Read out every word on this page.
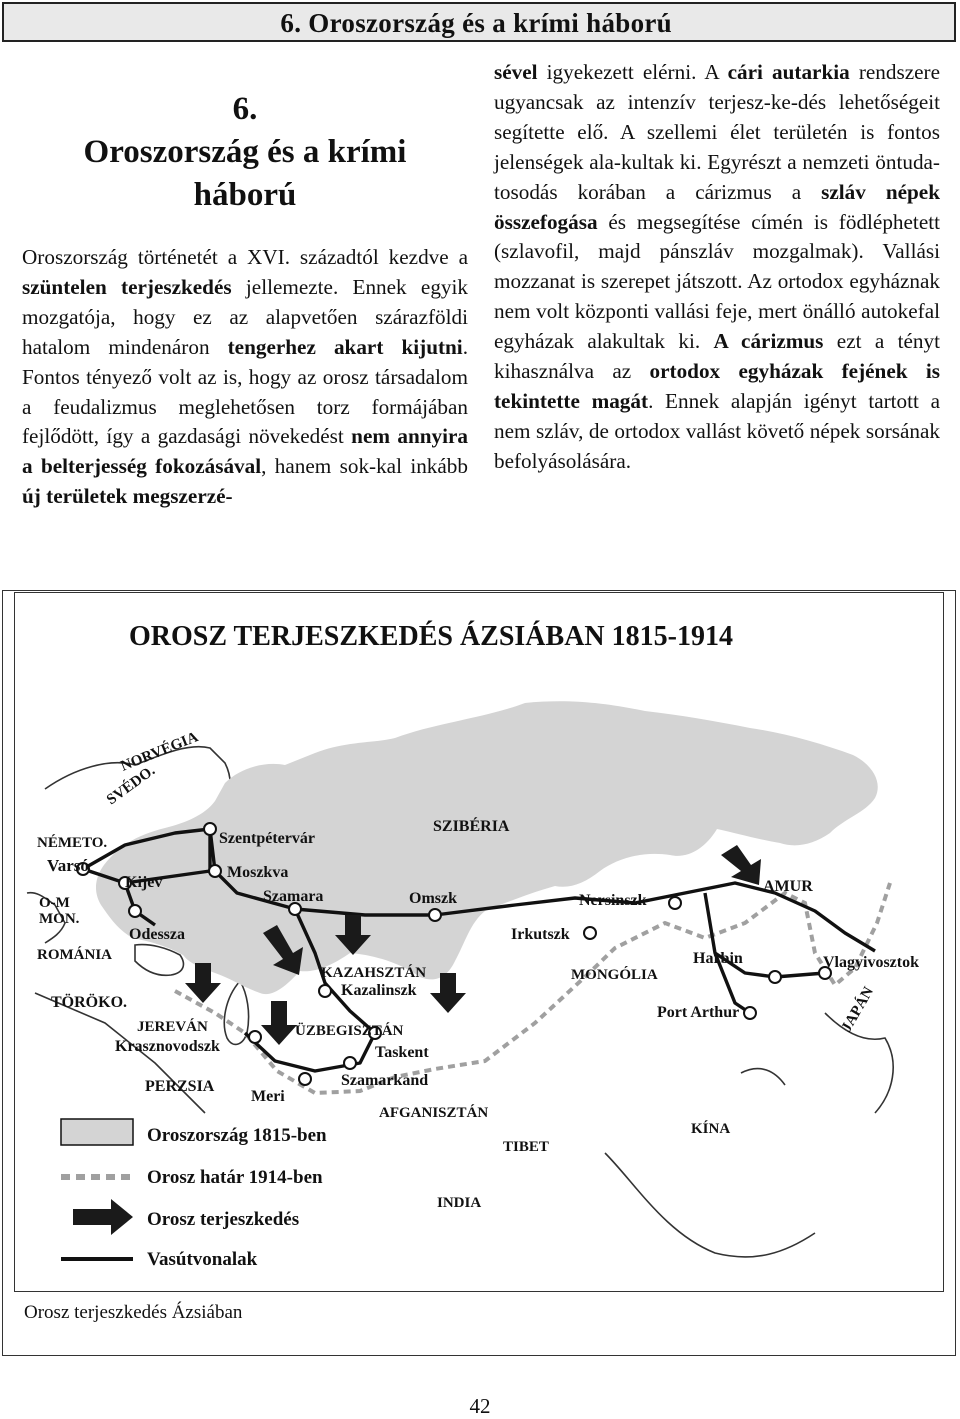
6. Oroszország és a krími háború
6.
Oroszország és a krími
háború

Oroszország történetét a XVI. századtól kezdve a szüntelen terjeszkedés jellemezte. Ennek egyik mozgatója, hogy ez az alapvetően szárazföldi hatalom mindenáron tengerhez akart kijutni. Fontos tényező volt az is, hogy az orosz társadalom a feudalizmus meglehetősen torz formájában fejlődött, így a gazdasági növekedést nem annyira a belterjesség fokozásával, hanem sok-kal inkább új területek megszerzé-

sével igyekezett elérni. A cári autarkia rendszere ugyancsak az intenzív terjesz-ke-dés lehetőségeit segítette elő. A szellemi élet területén is fontos jelenségek ala-kultak ki. Egyrészt a nemzeti öntuda- tosodás korában a cárizmus a szláv népek összefogása és megsegítése címén is födléphetett (szlavofil, majd pánszláv mozgalmak). Vallási mozzanat is szerepet játszott. Az ortodox egyháznak nem volt központi vallási feje, mert önálló autokefal egyházak alakultak ki. A cárizmus ezt a tényt kihasználva az ortodox egyházak fejének is tekintette magát. Ennek alapján igényt tartott a nem szláv, de ortodox vallást követő népek sorsának befolyásolására.

OROSZ TERJESZKEDÉS ÁZSIÁBAN 1815-1914
NORVÉGIA
SVÉDO.
NÉMETO.
Varsó
O-M
MON.
ROMÁNIA
TÖRÖKO.
JEREVÁN
Krasznovodszk
PERZSIA
Meri
Kijev
Odessza
Szentpétervár
Moszkva
Szamara	Omszk
SZIBÉRIA
KAZAHSZTÁN
Kazalinszk
ÜZBEGISZTÁN
Taskent
Szamarkand
AFGANISZTÁN
TIBET
INDIA
Irkutszk
MONGÓLIA
Nersinszk
AMUR
Harbin	Vlagyivosztok
Port Arthur	JAPÁN
KÍNA
Oroszország 1815-ben
Orosz határ 1914-ben
Orosz terjeszkedés
Vasútvonalak
Orosz terjeszkedés Ázsiában
42
